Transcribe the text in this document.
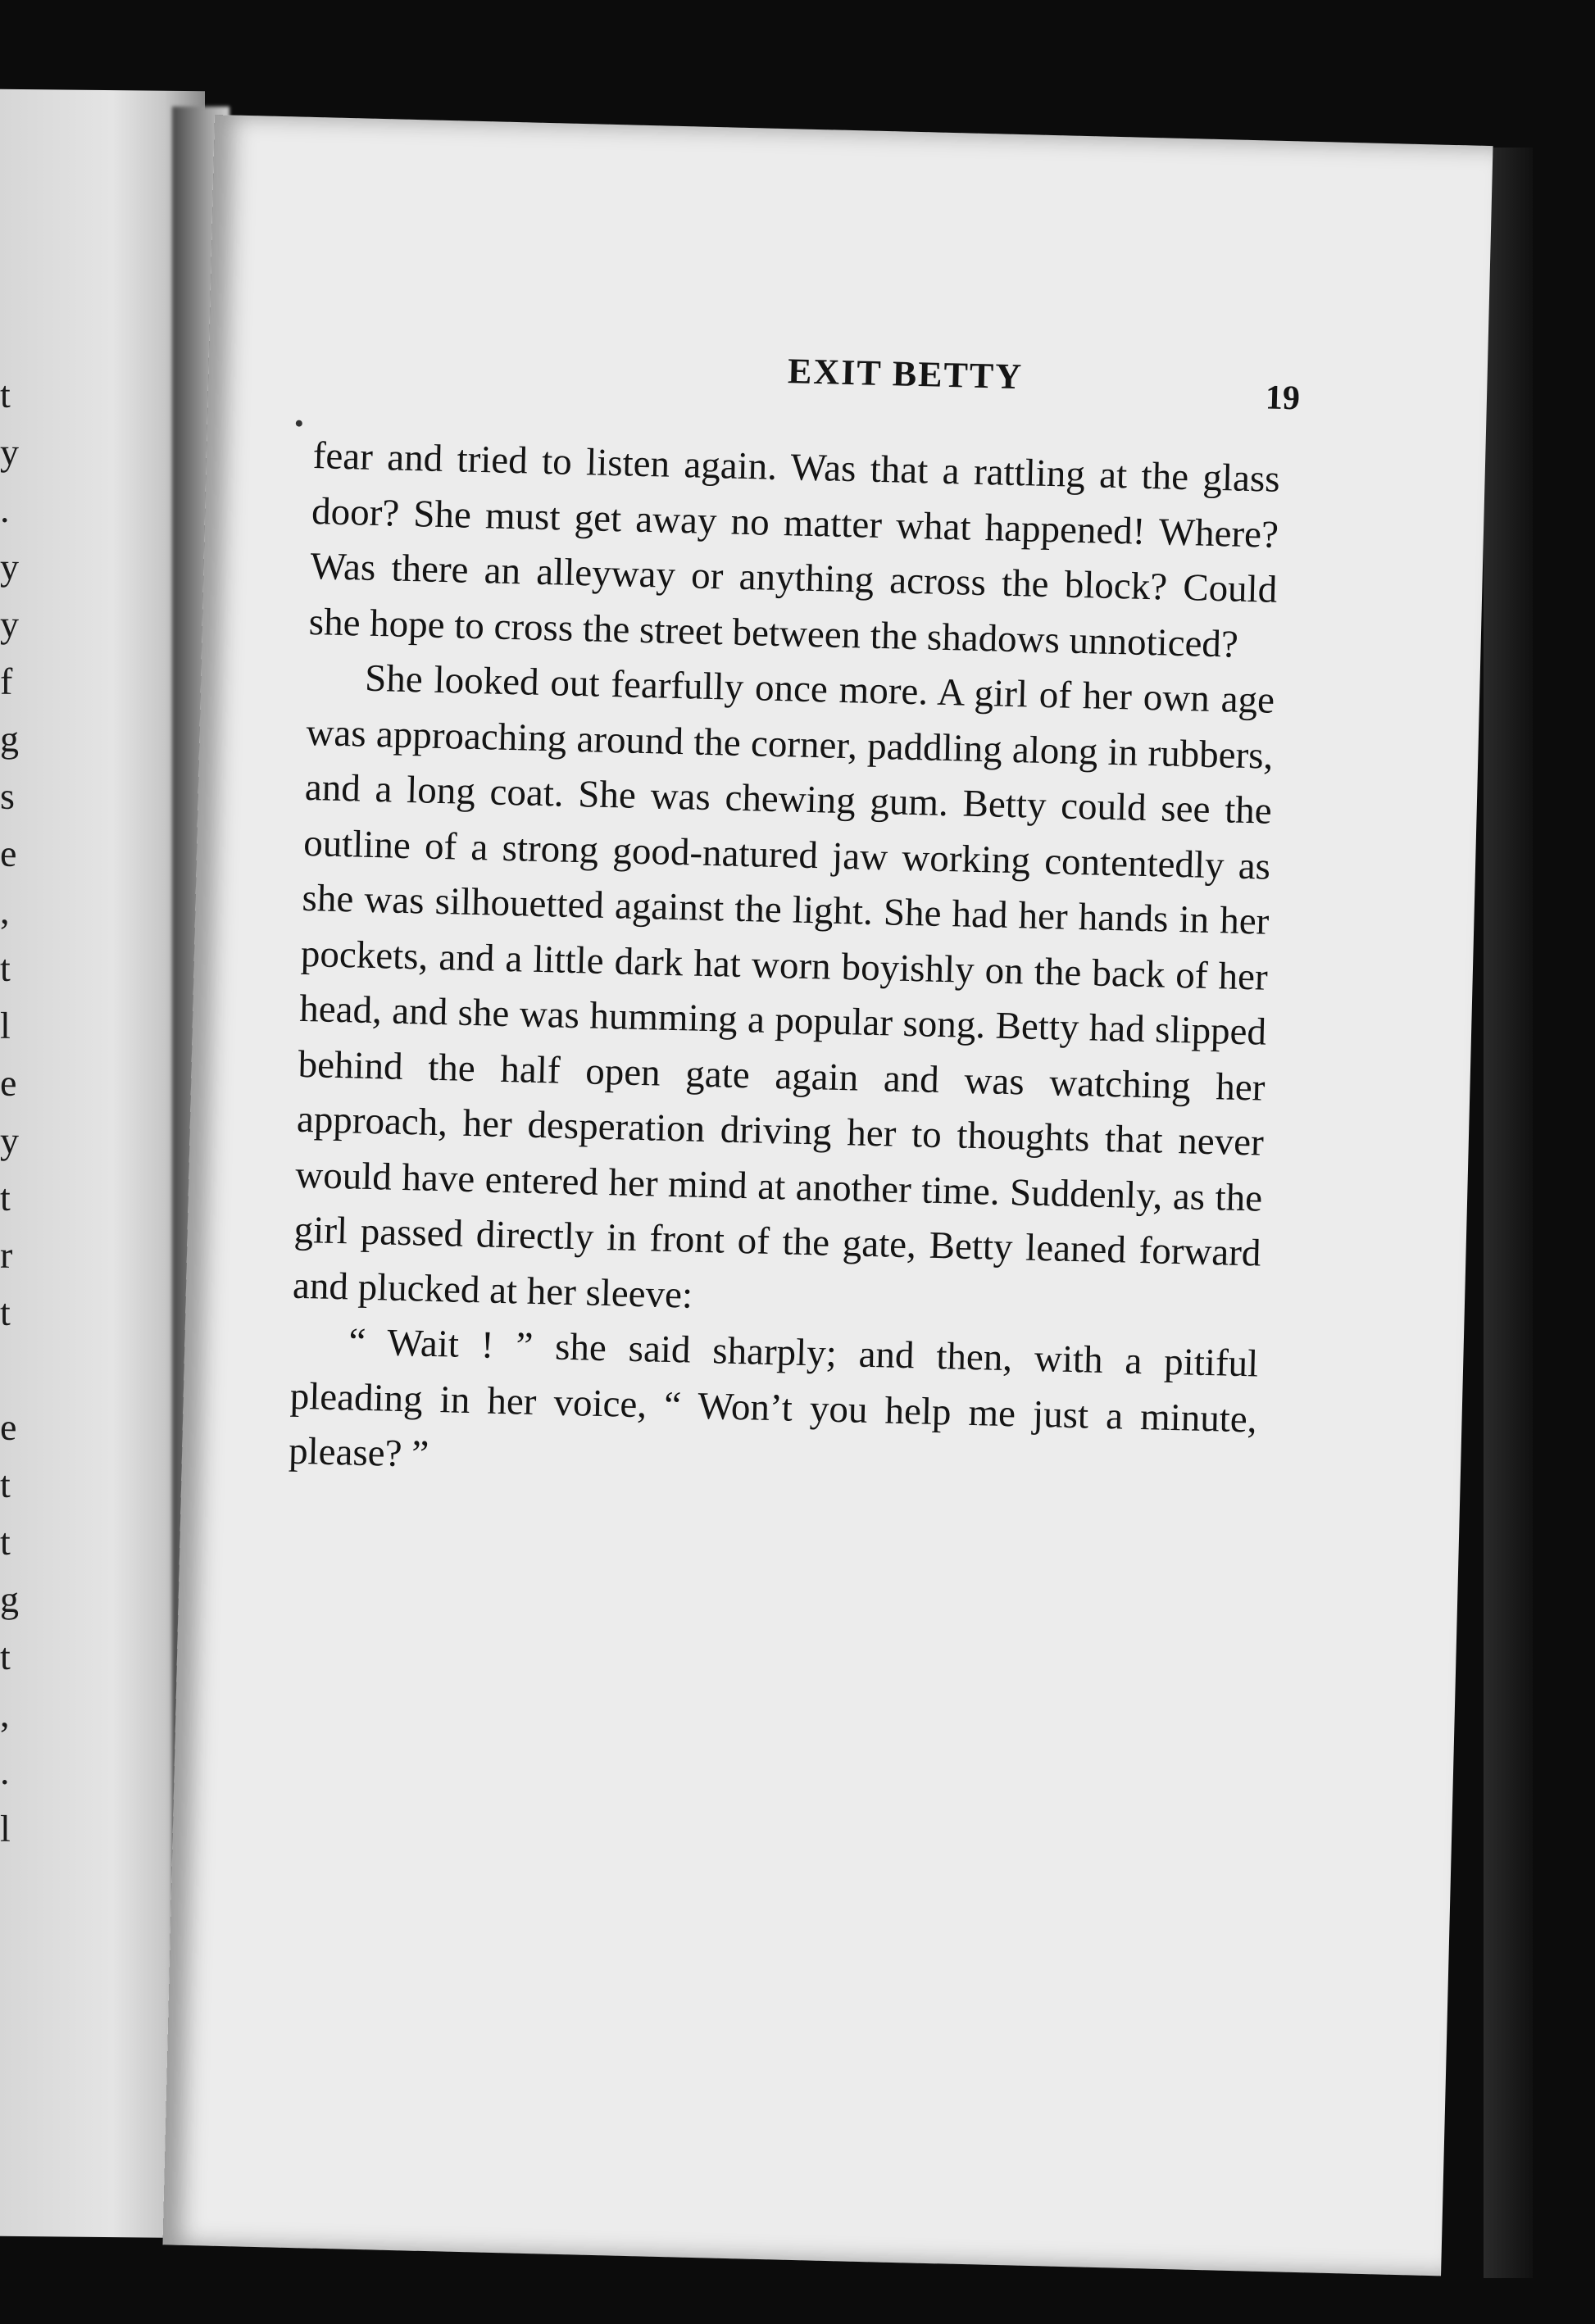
t
y
.
y
y
f
g
s
e
,
t
l
e
y
t
r
t
e
t
t
g
t
,
.
l
EXIT BETTY
19

fear and tried to listen again. Was that a rattling at the glass door? She must get away no matter what happened! Where? Was there an alleyway or anything across the block? Could she hope to cross the street between the shadows unnoticed?

She looked out fearfully once more. A girl of her own age was approaching around the corner, paddling along in rubbers, and a long coat. She was chewing gum. Betty could see the outline of a strong good-natured jaw working contentedly as she was silhouetted against the light. She had her hands in her pockets, and a little dark hat worn boyishly on the back of her head, and she was humming a popular song. Betty had slipped behind the half open gate again and was watching her approach, her desperation driving her to thoughts that never would have entered her mind at another time. Suddenly, as the girl passed directly in front of the gate, Betty leaned forward and plucked at her sleeve:

“ Wait ! ” she said sharply; and then, with a pitiful pleading in her voice, “ Won’t you help me just a minute, please? ”
